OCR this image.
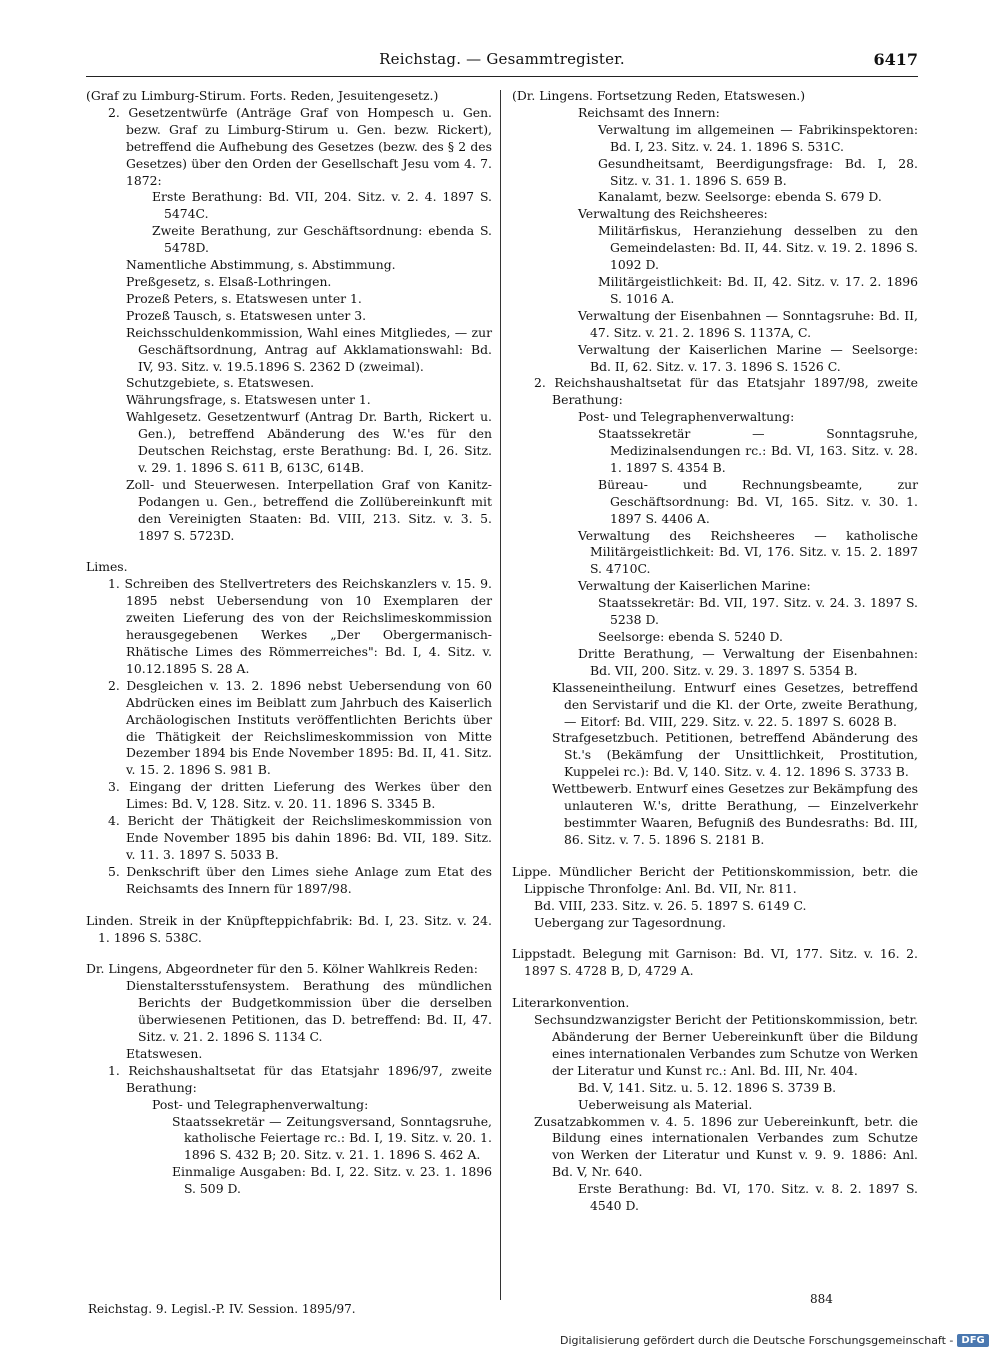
Reichstag. — Gesammtregister.	6417

(Graf zu Limburg-Stirum. Forts. Reden, Jesuitengesetz.)

2. Gesetzentwürfe (Anträge Graf von Hompesch u. Gen. bezw. Graf zu Limburg-Stirum u. Gen. bezw. Rickert), betreffend die Aufhebung des Gesetzes (bezw. des § 2 des Gesetzes) über den Orden der Gesellschaft Jesu vom 4. 7. 1872:

Erste Berathung: Bd. VII, 204. Sitz. v. 2. 4. 1897 S. 5474C.

Zweite Berathung, zur Geschäftsordnung: ebenda S. 5478D.

Namentliche Abstimmung, s. Abstimmung.

Preßgesetz, s. Elsaß-Lothringen.

Prozeß Peters, s. Etatswesen unter 1.

Prozeß Tausch, s. Etatswesen unter 3.

Reichsschuldenkommission, Wahl eines Mitgliedes, — zur Geschäftsordnung, Antrag auf Akklamationswahl: Bd. IV, 93. Sitz. v. 19.5.1896 S. 2362 D (zweimal).

Schutzgebiete, s. Etatswesen.

Währungsfrage, s. Etatswesen unter 1.

Wahlgesetz. Gesetzentwurf (Antrag Dr. Barth, Rickert u. Gen.), betreffend Abänderung des W.'es für den Deutschen Reichstag, erste Berathung: Bd. I, 26. Sitz. v. 29. 1. 1896 S. 611 B, 613C, 614B.

Zoll- und Steuerwesen. Interpellation Graf von Kanitz-Podangen u. Gen., betreffend die Zollübereinkunft mit den Vereinigten Staaten: Bd. VIII, 213. Sitz. v. 3. 5. 1897 S. 5723D.

Limes.

1. Schreiben des Stellvertreters des Reichskanzlers v. 15. 9. 1895 nebst Uebersendung von 10 Exemplaren der zweiten Lieferung des von der Reichslimeskommission herausgegebenen Werkes „Der Obergermanisch-Rhätische Limes des Römmerreiches": Bd. I, 4. Sitz. v. 10.12.1895 S. 28 A.

2. Desgleichen v. 13. 2. 1896 nebst Uebersendung von 60 Abdrücken eines im Beiblatt zum Jahrbuch des Kaiserlich Archäologischen Instituts veröffentlichten Berichts über die Thätigkeit der Reichslimeskommission von Mitte Dezember 1894 bis Ende November 1895: Bd. II, 41. Sitz. v. 15. 2. 1896 S. 981 B.

3. Eingang der dritten Lieferung des Werkes über den Limes: Bd. V, 128. Sitz. v. 20. 11. 1896 S. 3345 B.

4. Bericht der Thätigkeit der Reichslimeskommission von Ende November 1895 bis dahin 1896: Bd. VII, 189. Sitz. v. 11. 3. 1897 S. 5033 B.

5. Denkschrift über den Limes siehe Anlage zum Etat des Reichsamts des Innern für 1897/98.

Linden. Streik in der Knüpfteppichfabrik: Bd. I, 23. Sitz. v. 24. 1. 1896 S. 538C.

Dr. Lingens, Abgeordneter für den 5. Kölner Wahlkreis Reden:

Dienstaltersstufensystem. Berathung des mündlichen Berichts der Budgetkommission über die derselben überwiesenen Petitionen, das D. betreffend: Bd. II, 47. Sitz. v. 21. 2. 1896 S. 1134 C.

Etatswesen.

1. Reichshaushaltsetat für das Etatsjahr 1896/97, zweite Berathung:

Post- und Telegraphenverwaltung:

Staatssekretär — Zeitungsversand, Sonntagsruhe, katholische Feiertage rc.: Bd. I, 19. Sitz. v. 20. 1. 1896 S. 432 B; 20. Sitz. v. 21. 1. 1896 S. 462 A.

Einmalige Ausgaben: Bd. I, 22. Sitz. v. 23. 1. 1896 S. 509 D.

(Dr. Lingens. Fortsetzung Reden, Etatswesen.)

Reichsamt des Innern:

Verwaltung im allgemeinen — Fabrikinspektoren: Bd. I, 23. Sitz. v. 24. 1. 1896 S. 531C.

Gesundheitsamt, Beerdigungsfrage: Bd. I, 28. Sitz. v. 31. 1. 1896 S. 659 B.

Kanalamt, bezw. Seelsorge: ebenda S. 679 D.

Verwaltung des Reichsheeres:

Militärfiskus, Heranziehung desselben zu den Gemeindelasten: Bd. II, 44. Sitz. v. 19. 2. 1896 S. 1092 D.

Militärgeistlichkeit: Bd. II, 42. Sitz. v. 17. 2. 1896 S. 1016 A.

Verwaltung der Eisenbahnen — Sonntagsruhe: Bd. II, 47. Sitz. v. 21. 2. 1896 S. 1137A, C.

Verwaltung der Kaiserlichen Marine — Seelsorge: Bd. II, 62. Sitz. v. 17. 3. 1896 S. 1526 C.

2. Reichshaushaltsetat für das Etatsjahr 1897/98, zweite Berathung:

Post- und Telegraphenverwaltung:

Staatssekretär — Sonntagsruhe, Medizinalsendungen rc.: Bd. VI, 163. Sitz. v. 28. 1. 1897 S. 4354 B.

Büreau- und Rechnungsbeamte, zur Geschäftsordnung: Bd. VI, 165. Sitz. v. 30. 1. 1897 S. 4406 A.

Verwaltung des Reichsheeres — katholische Militärgeistlichkeit: Bd. VI, 176. Sitz. v. 15. 2. 1897 S. 4710C.

Verwaltung der Kaiserlichen Marine:

Staatssekretär: Bd. VII, 197. Sitz. v. 24. 3. 1897 S. 5238 D.

Seelsorge: ebenda S. 5240 D.

Dritte Berathung, — Verwaltung der Eisenbahnen: Bd. VII, 200. Sitz. v. 29. 3. 1897 S. 5354 B.

Klasseneintheilung. Entwurf eines Gesetzes, betreffend den Servistarif und die Kl. der Orte, zweite Berathung, — Eitorf: Bd. VIII, 229. Sitz. v. 22. 5. 1897 S. 6028 B.

Strafgesetzbuch. Petitionen, betreffend Abänderung des St.'s (Bekämfung der Unsittlichkeit, Prostitution, Kuppelei rc.): Bd. V, 140. Sitz. v. 4. 12. 1896 S. 3733 B.

Wettbewerb. Entwurf eines Gesetzes zur Bekämpfung des unlauteren W.'s, dritte Berathung, — Einzelverkehr bestimmter Waaren, Befugniß des Bundesraths: Bd. III, 86. Sitz. v. 7. 5. 1896 S. 2181 B.

Lippe. Mündlicher Bericht der Petitionskommission, betr. die Lippische Thronfolge: Anl. Bd. VII, Nr. 811.

Bd. VIII, 233. Sitz. v. 26. 5. 1897 S. 6149 C.

Uebergang zur Tagesordnung.

Lippstadt. Belegung mit Garnison: Bd. VI, 177. Sitz. v. 16. 2. 1897 S. 4728 B, D, 4729 A.

Literarkonvention.

Sechsundzwanzigster Bericht der Petitionskommission, betr. Abänderung der Berner Uebereinkunft über die Bildung eines internationalen Verbandes zum Schutze von Werken der Literatur und Kunst rc.: Anl. Bd. III, Nr. 404.

Bd. V, 141. Sitz. u. 5. 12. 1896 S. 3739 B.

Ueberweisung als Material.

Zusatzabkommen v. 4. 5. 1896 zur Uebereinkunft, betr. die Bildung eines internationalen Verbandes zum Schutze von Werken der Literatur und Kunst v. 9. 9. 1886: Anl. Bd. V, Nr. 640.

Erste Berathung: Bd. VI, 170. Sitz. v. 8. 2. 1897 S. 4540 D.

Reichstag. 9. Legisl.-P. IV. Session. 1895/97.
884
Digitalisierung gefördert durch die Deutsche Forschungsgemeinschaft - DFG
